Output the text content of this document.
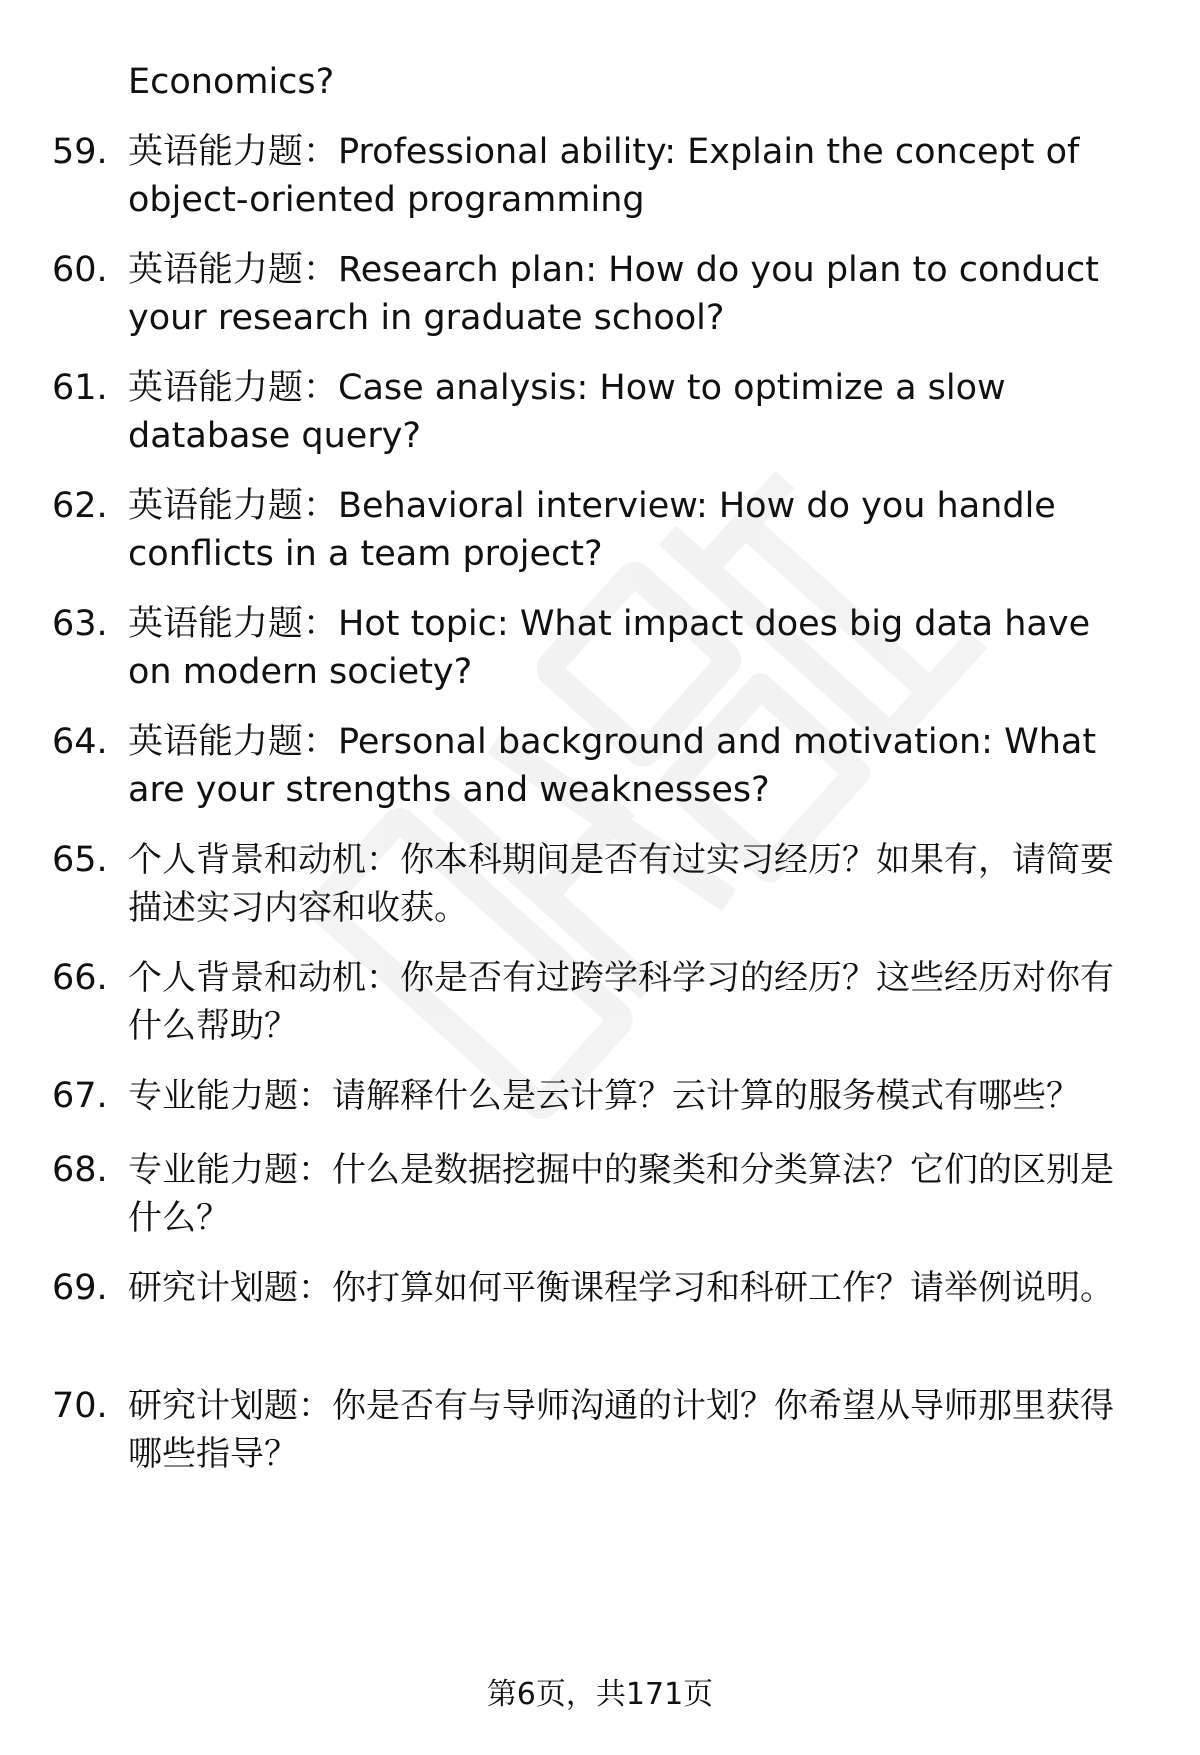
Economics?
59. 英语能力题：Professional ability: Explain the concept of object-oriented programming
60. 英语能力题：Research plan: How do you plan to conduct your research in graduate school?
61. 英语能力题：Case analysis: How to optimize a slow database query?
62. 英语能力题：Behavioral interview: How do you handle conflicts in a team project?
63. 英语能力题：Hot topic: What impact does big data have on modern society?
64. 英语能力题：Personal background and motivation: What are your strengths and weaknesses?
65. 个人背景和动机：你本科期间是否有过实习经历？如果有，请简要描述实习内容和收获。
66. 个人背景和动机：你是否有过跨学科学习的经历？这些经历对你有什么帮助？
67. 专业能力题：请解释什么是云计算？云计算的服务模式有哪些？
68. 专业能力题：什么是数据挖掘中的聚类和分类算法？它们的区别是什么？
69. 研究计划题：你打算如何平衡课程学习和科研工作？请举例说明。
70. 研究计划题：你是否有与导师沟通的计划？你希望从导师那里获得哪些指导？
第6页，共171页
